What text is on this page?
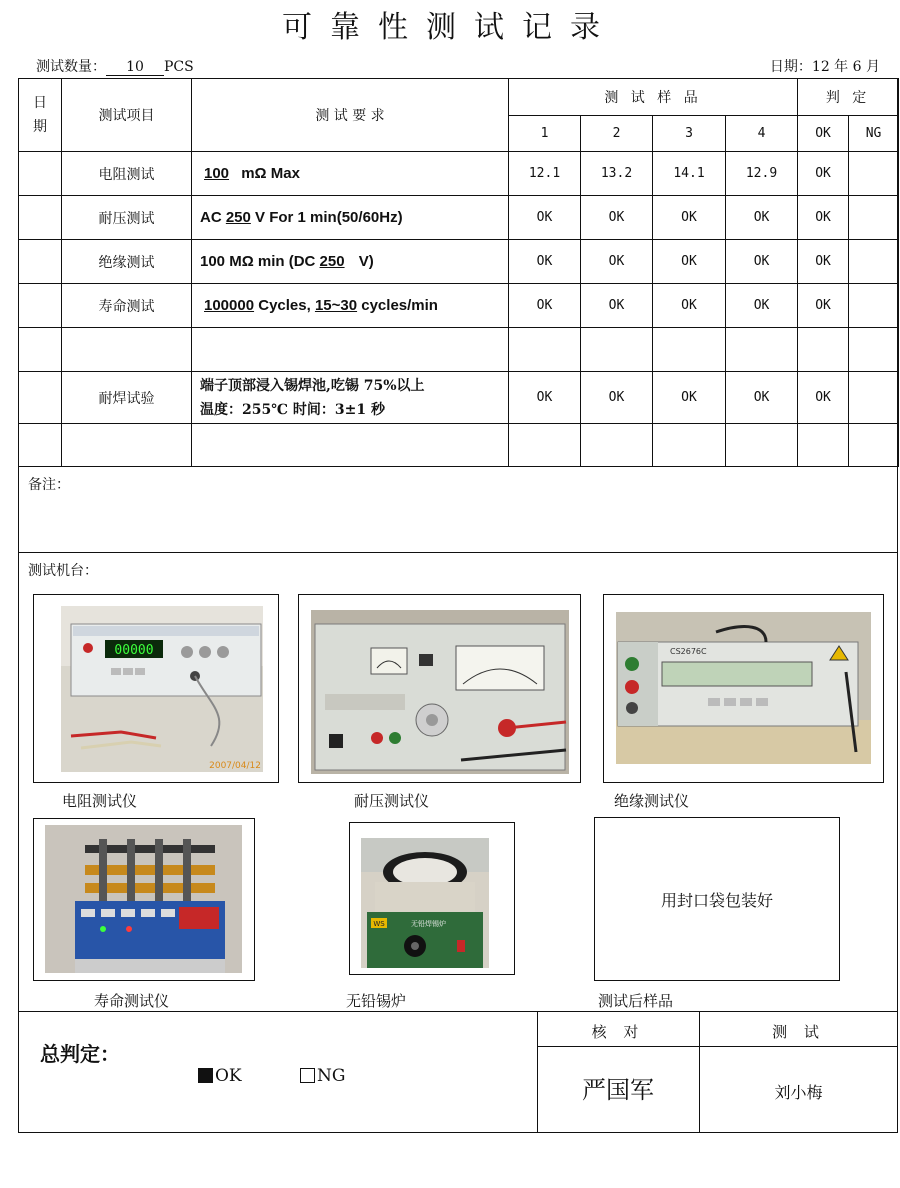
可靠性测试记录
测试数量： 10 PCS	日期：12 年 6 月
日期	测试项目	测 试 要 求	测 试 样 品				判 定	
			1	2	3	4	OK	NG
	电阻测试	100 mΩ Max	12.1	13.2	14.1	12.9	OK	
	耐压测试	AC 250 V For 1 min(50/60Hz)	OK	OK	OK	OK	OK	
	绝缘测试	100 MΩ min (DC 250 V)	OK	OK	OK	OK	OK	
	寿命测试	100000 Cycles, 15~30 cycles/min	OK	OK	OK	OK	OK	

	耐焊试验	端子顶部浸入锡焊池,吃锡 75%以上
温度：255℃ 时间：3±1 秒	OK	OK	OK	OK	OK	

备注：
测试机台：
00000
2007/04/12
电阻测试仪	耐压测试仪
CS2676C
绝缘测试仪
寿命测试仪
WS	无铅焊锡炉
无铅锡炉
用封口袋包装好
测试后样品
总判定：
OK	NG
核 对	测 试
严国军	刘小梅
